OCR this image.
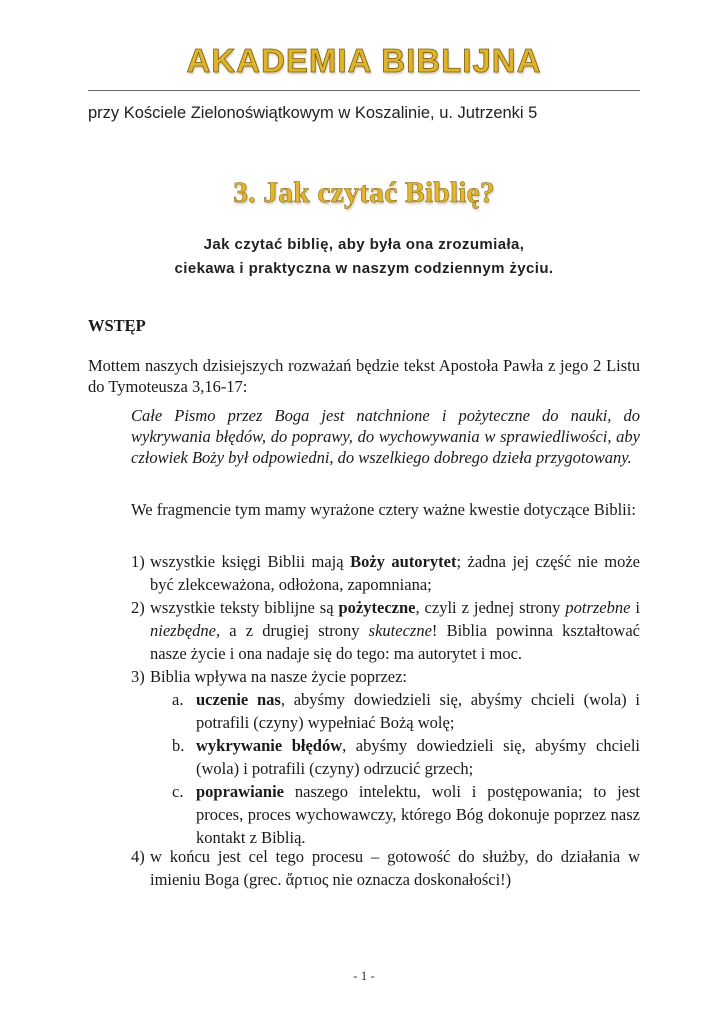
AKADEMIA BIBLIJNA
przy Kościele Zielonoświątkowym w Koszalinie, u. Jutrzenki 5
3. Jak czytać Biblię?
Jak czytać biblię, aby była ona zrozumiała,
ciekawa i praktyczna w naszym codziennym życiu.
WSTĘP
Mottem naszych dzisiejszych rozważań będzie tekst Apostoła Pawła z jego 2 Listu do Tymoteusza 3,16-17:
Całe Pismo przez Boga jest natchnione i pożyteczne do nauki, do wykrywania błędów, do poprawy, do wychowywania w sprawiedliwości, aby człowiek Boży był odpowiedni, do wszelkiego dobrego dzieła przygotowany.
We fragmencie tym mamy wyrażone cztery ważne kwestie dotyczące Biblii:
1) wszystkie księgi Biblii mają Boży autorytet; żadna jej część nie może być zlekceważona, odłożona, zapomniana;
2) wszystkie teksty biblijne są pożyteczne, czyli z jednej strony potrzebne i niezbędne, a z drugiej strony skuteczne! Biblia powinna kształtować nasze życie i ona nadaje się do tego: ma autorytet i moc.
3) Biblia wpływa na nasze życie poprzez:
a. uczenie nas, abyśmy dowiedzieli się, abyśmy chcieli (wola) i potrafili (czyny) wypełniać Bożą wolę;
b. wykrywanie błędów, abyśmy dowiedzieli się, abyśmy chcieli (wola) i potrafili (czyny) odrzucić grzech;
c. poprawianie naszego intelektu, woli i postępowania; to jest proces, proces wychowawczy, którego Bóg dokonuje poprzez nasz kontakt z Biblią.
4) w końcu jest cel tego procesu – gotowość do służby, do działania w imieniu Boga (grec. ἄρτιος nie oznacza doskonałości!)
- 1 -
